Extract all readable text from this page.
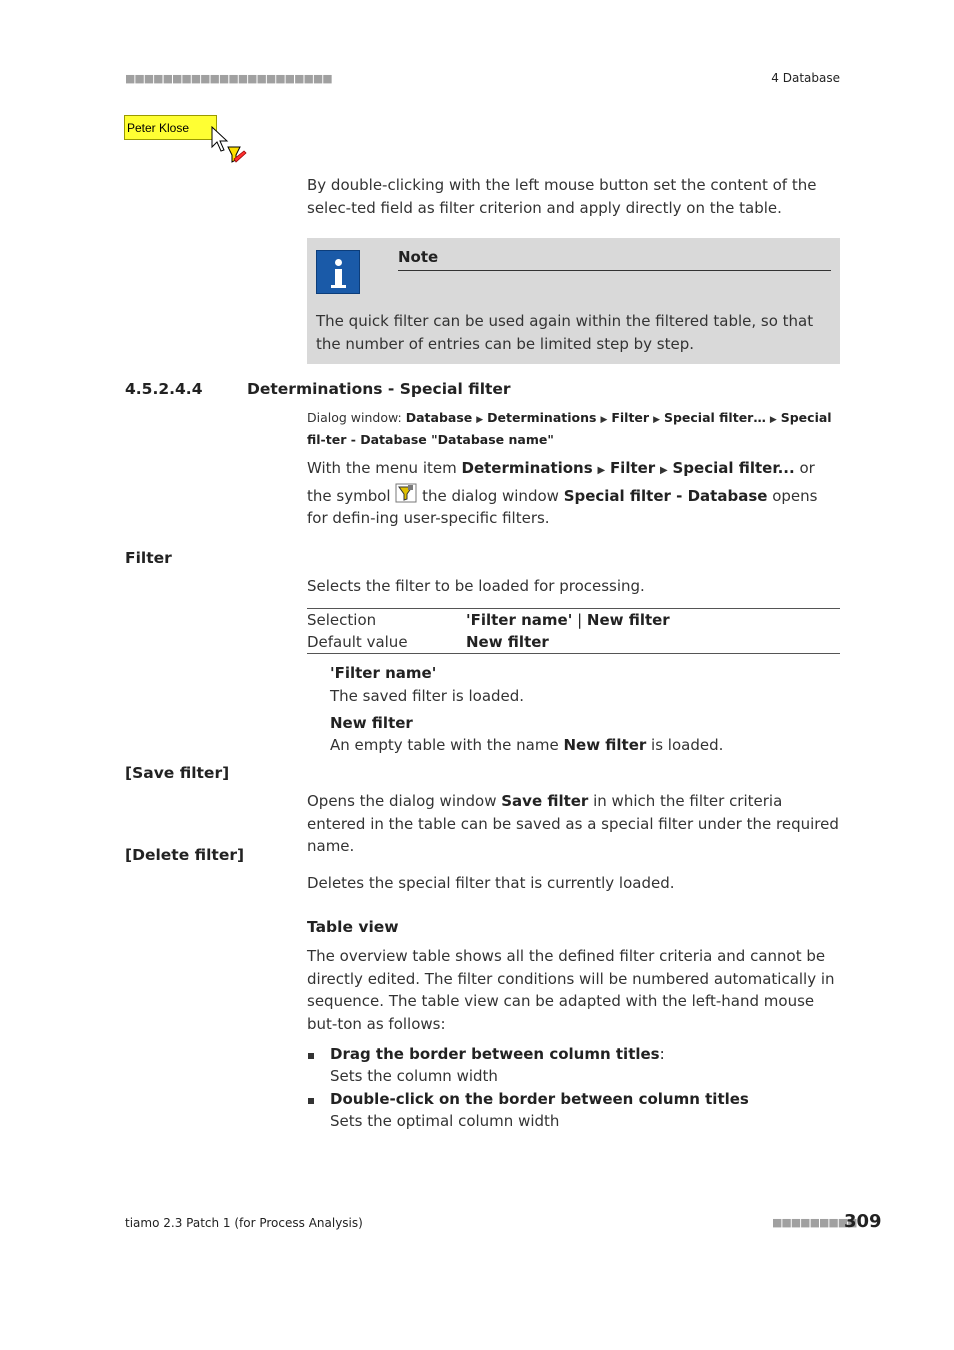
■■■■■■■■■■■■■■■■■■■■■■	4 Database
Peter Klose
By double-clicking with the left mouse button set the content of the selec-ted field as filter criterion and apply directly on the table.
Note
The quick filter can be used again within the filtered table, so that the number of entries can be limited step by step.
4.5.2.4.4	Determinations - Special filter
Dialog window: Database ▶ Determinations ▶ Filter ▶ Special filter… ▶ Special fil-ter - Database "Database name"
With the menu item Determinations ▶ Filter ▶ Special filter... or the symbol  the dialog window Special filter - Database opens for defin-ing user-specific filters.
Filter
Selects the filter to be loaded for processing.
Selection	'Filter name' | New filter
Default value	New filter
'Filter name'
The saved filter is loaded.
New filter
An empty table with the name New filter is loaded.
[Save filter]
Opens the dialog window Save filter in which the filter criteria entered in the table can be saved as a special filter under the required name.
[Delete filter]
Deletes the special filter that is currently loaded.
Table view
The overview table shows all the defined filter criteria and cannot be directly edited. The filter conditions will be numbered automatically in sequence. The table view can be adapted with the left-hand mouse but-ton as follows:
Drag the border between column titles:
Sets the column width
Double-click on the border between column titles
Sets the optimal column width
tiamo 2.3 Patch 1 (for Process Analysis)	■■■■■■■■■
309
